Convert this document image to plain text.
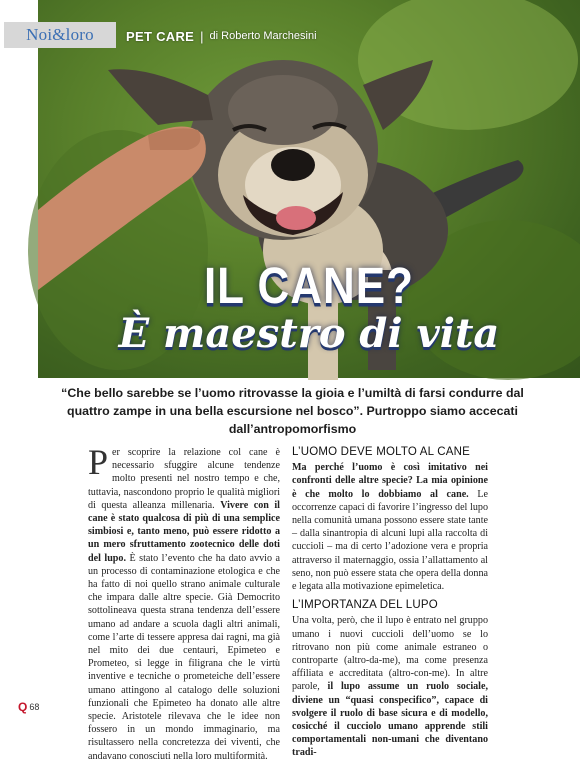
IL CANE?
È maestro di vita
Noi&loro PET CARE | di Roberto Marchesini
“Che bello sarebbe se l’uomo ritrovasse la gioia e l’umiltà di farsi condurre dal quattro zampe in una bella escursione nel bosco”. Purtroppo siamo accecati dall’antropomorfismo
P er scoprire la relazione col cane è necessario sfuggire alcune tendenze molto presenti nel nostro tempo e che, tuttavia, nascondono proprio le qualità migliori di questa alleanza millenaria. Vivere con il cane è stato qualcosa di più di una semplice simbiosi e, tanto meno, può essere ridotto a un mero sfruttamento zootecnico delle doti del lupo. È stato l’evento che ha dato avvio a un processo di contaminazione etologica e che ha fatto di noi quello strano animale culturale che impara dalle altre specie. Già Democrito sottolineava questa strana tendenza dell’essere umano ad andare a scuola dagli altri animali, come l’arte di tessere appresa dai ragni, ma già nel mito dei due centauri, Epimeteo e Prometeo, si legge in filigrana che le virtù inventive e tecniche o prometeiche dell’essere umano attingono al catalogo delle soluzioni funzionali che Epimeteo ha donato alle altre specie. Aristotele rilevava che le idee non fossero in un mondo immaginario, ma risultassero nella concretezza dei viventi, che andavano conosciuti nella loro multiformità.
L’UOMO DEVE MOLTO AL CANE
Ma perché l’uomo è così imitativo nei confronti delle altre specie? La mia opinione è che molto lo dobbiamo al cane. Le occorrenze capaci di favorire l’ingresso del lupo nella comunità umana possono essere state tante – dalla sinantropia di alcuni lupi alla raccolta di cuccioli – ma di certo l’adozione vera e propria attraverso il maternaggio, ossia l’allattamento al seno, non può essere stata che opera della donna e legata alla motivazione epimeletica.
L’IMPORTANZA DEL LUPO
Una volta, però, che il lupo è entrato nel gruppo umano i nuovi cuccioli dell’uomo se lo ritrovano non più come animale estraneo o controparte (altro-da-me), ma come presenza affiliata e accreditata (altro-con-me). In altre parole, il lupo assume un ruolo sociale, diviene un “quasi conspecifico”, capace di svolgere il ruolo di base sicura e di modello, cosicché il cucciolo umano apprende stili comportamentali non-umani che diventano tradi-
Q 68
